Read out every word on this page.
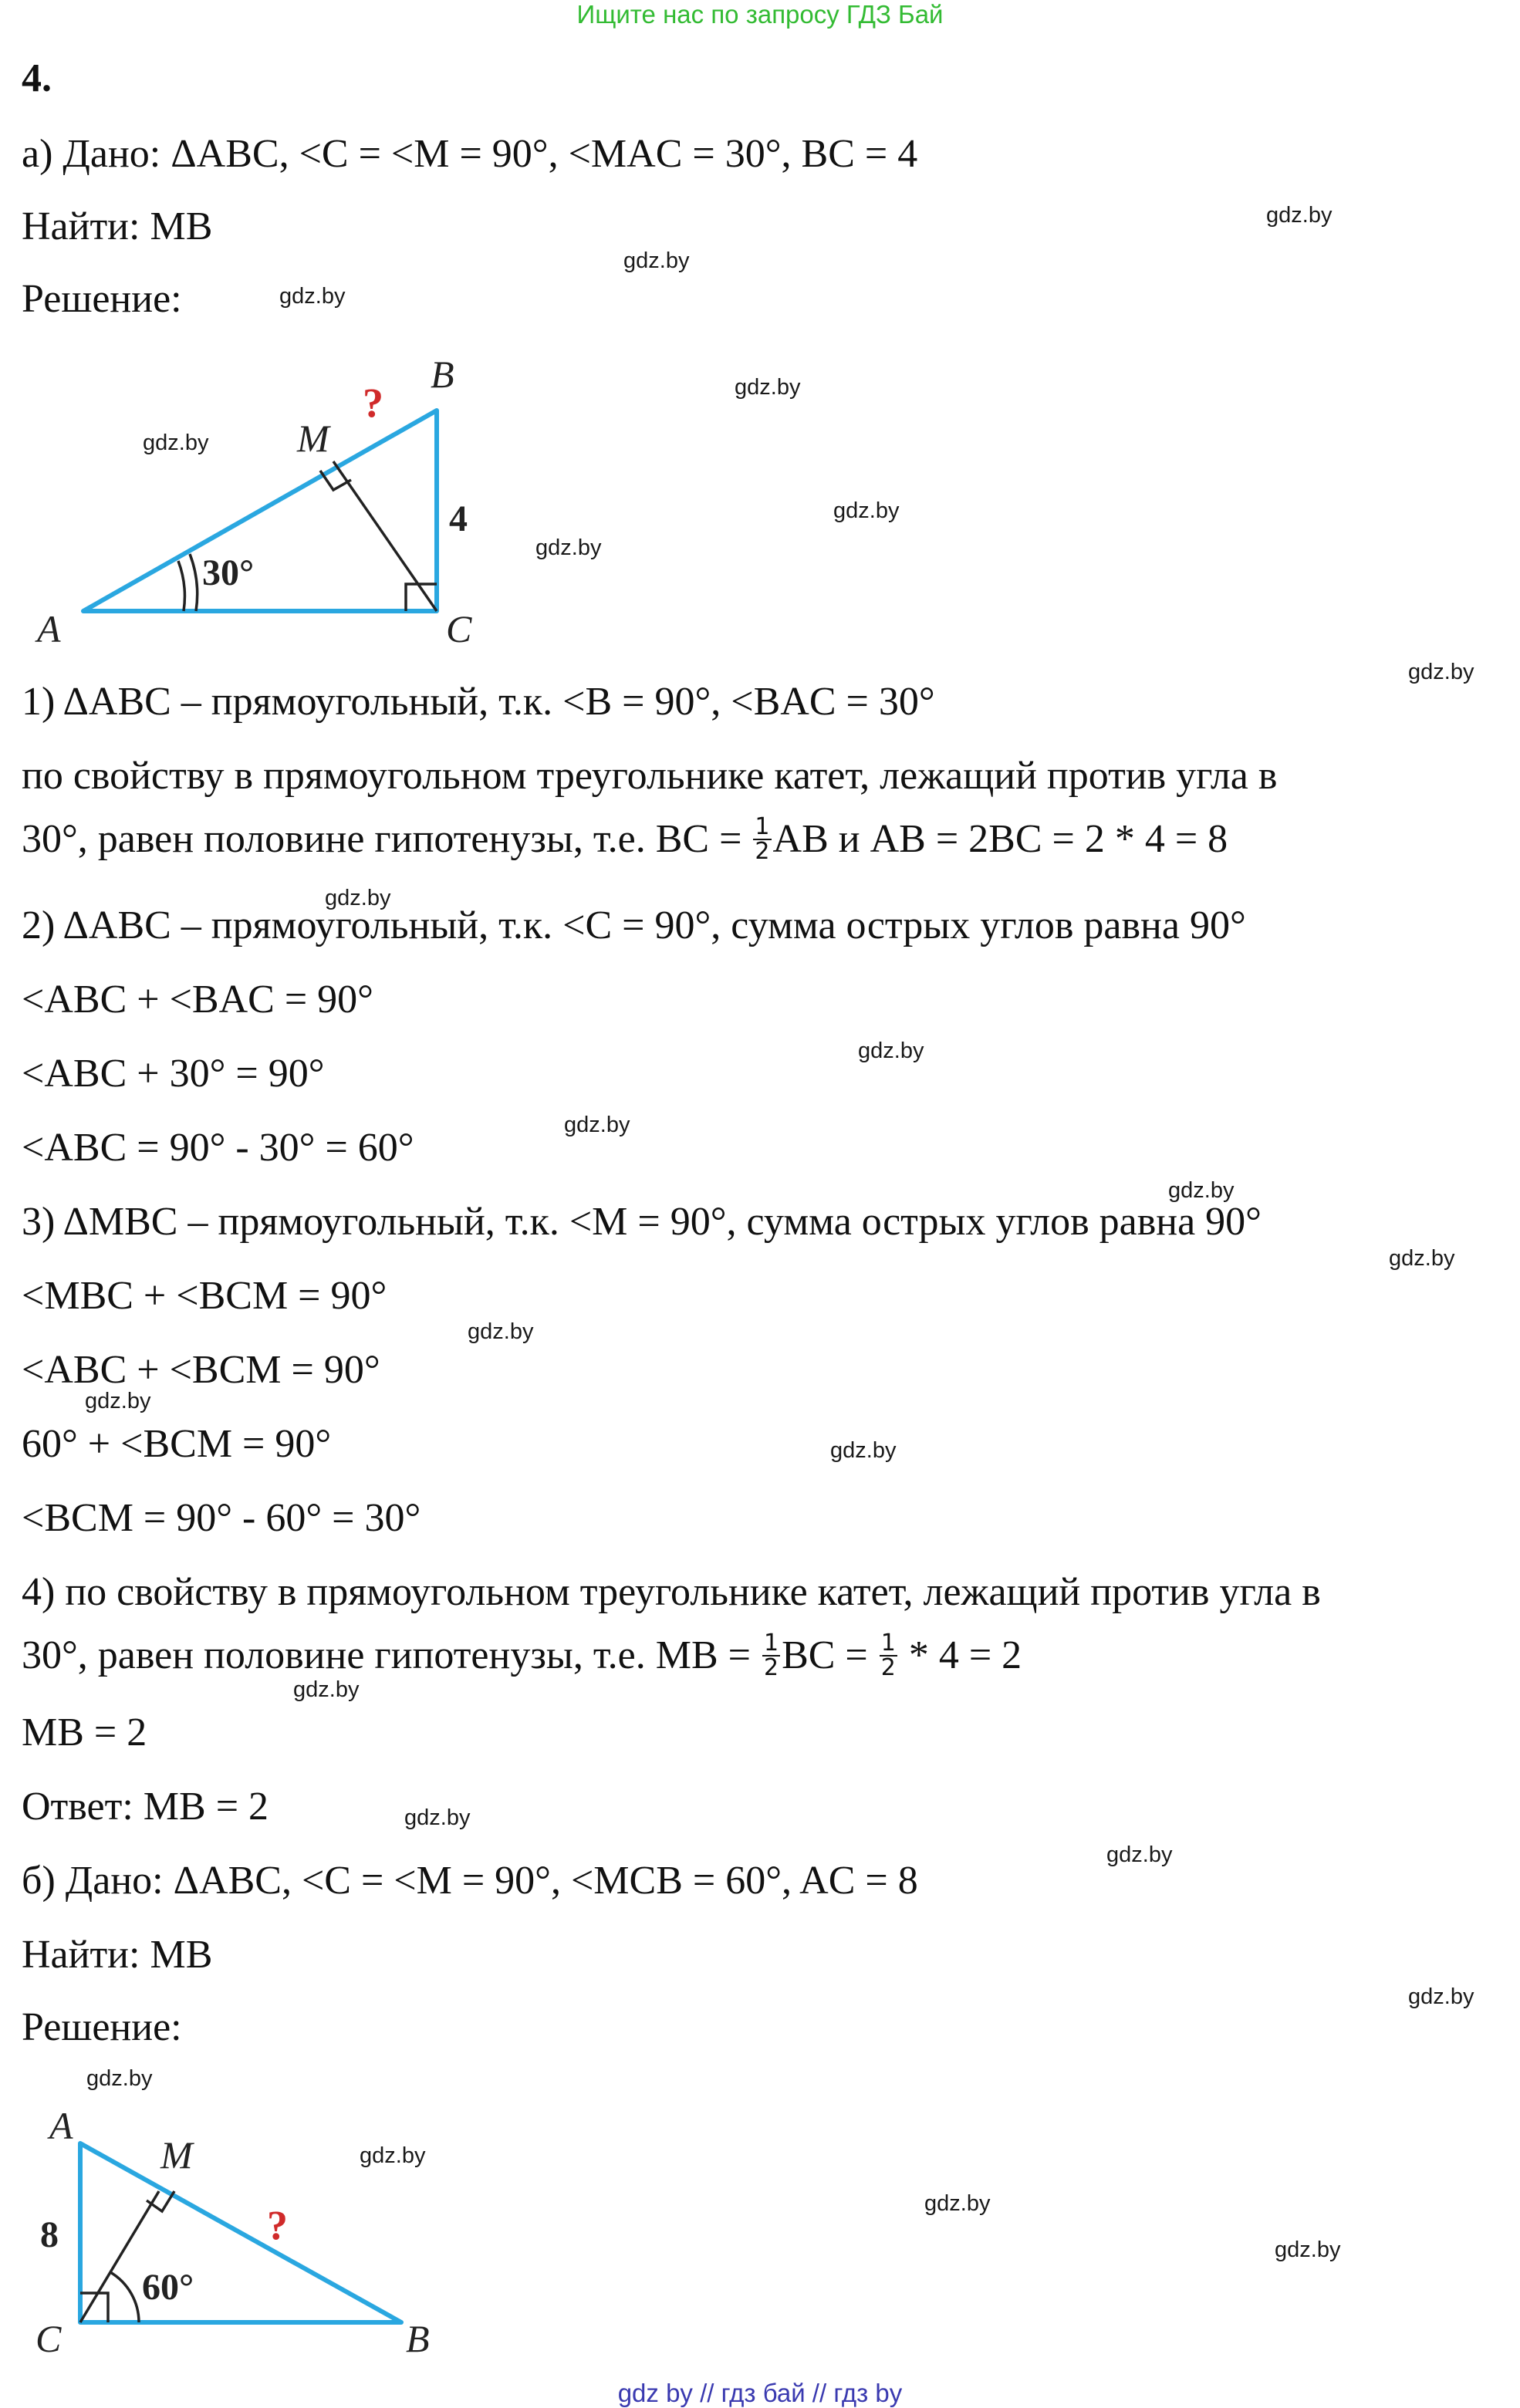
Ищите нас по запросу ГДЗ Бай
gdz.by
gdz.by
gdz.by
gdz.by
gdz.by
gdz.by
gdz.by
gdz.by
gdz.by
gdz.by
gdz.by
gdz.by
gdz.by
gdz.by
gdz.by
gdz.by
gdz.by
gdz.by
gdz.by
gdz.by
gdz.by
gdz.by
gdz.by
gdz.by
4.
а) Дано: ΔABC, <C = <M = 90°, <MAC = 30°, BC = 4
Найти: MB
Решение:
A
B
C
M
4
30°
?
1) ΔABC – прямоугольный, т.к. <B = 90°, <BAC = 30°
по свойству в прямоугольном треугольнике катет, лежащий против угла в
30°, равен половине гипотенузы, т.е. BC = $\frac{1}{2}$ AB и AB = 2BC = 2 * 4 = 8
2) ΔABC – прямоугольный, т.к. <C = 90°, сумма острых углов равна 90°
<ABC + <BAC = 90°
<ABC + 30° = 90°
<ABC = 90° - 30° = 60°
3) ΔMBC – прямоугольный, т.к. <M = 90°, сумма острых углов равна 90°
<MBC + <BCM = 90°
<ABC + <BCM = 90°
60° + <BCM = 90°
<BCM = 90° - 60° = 30°
4) по свойству в прямоугольном треугольнике катет, лежащий против угла в
30°, равен половине гипотенузы, т.е. MB = $\frac{1}{2}$ BC = $\frac{1}{2} * 4 = 2$
MB = 2
Ответ: MB = 2
б) Дано: ΔABC, <C = <M = 90°, <MCB = 60°, AC = 8
Найти: MB
Решение:
A
B
C
M
8
60°
?
gdz by // гдз бай // гдз by
